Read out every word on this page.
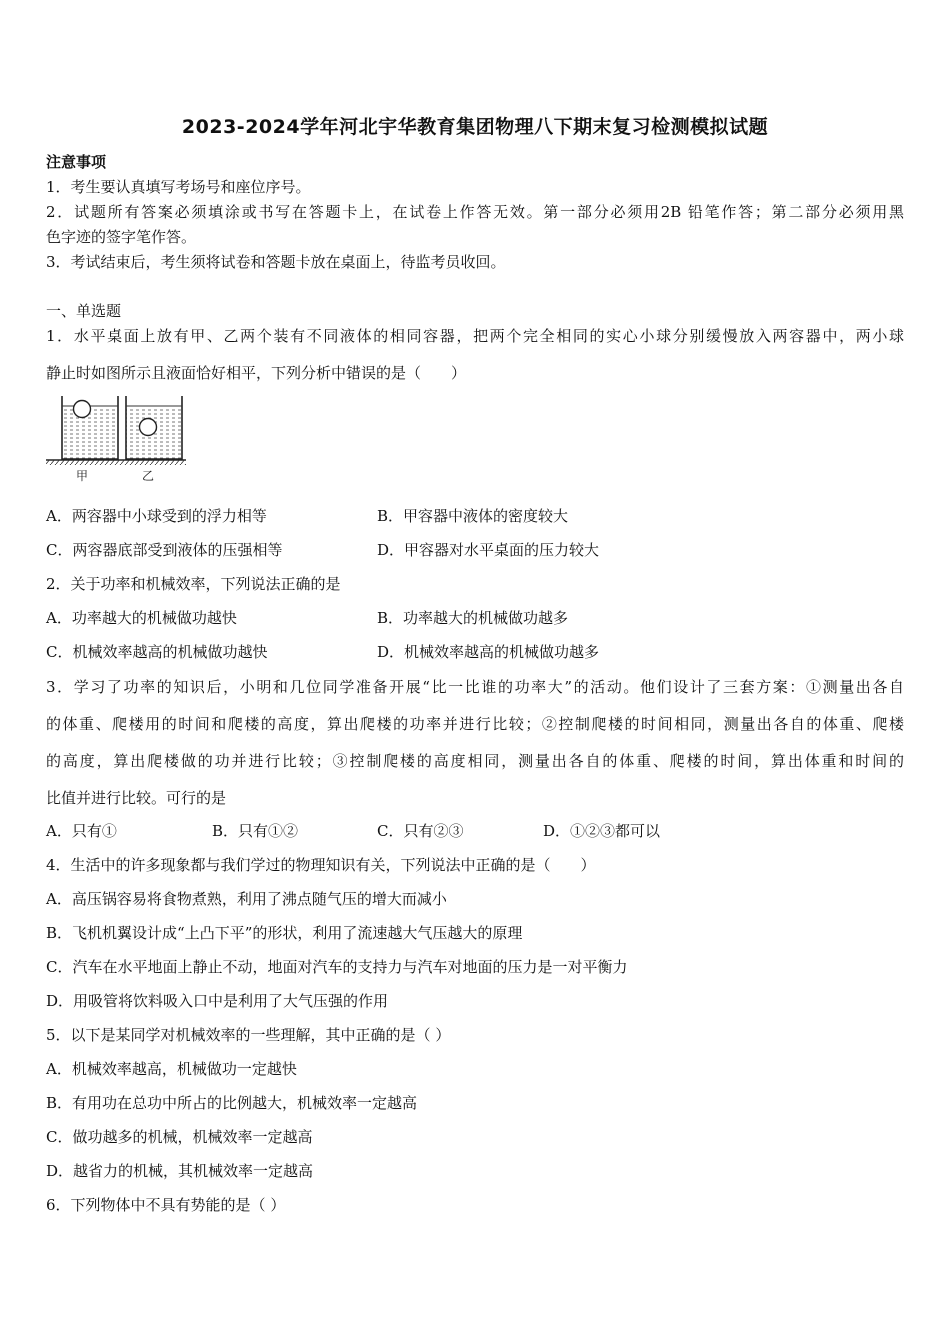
2023-2024学年河北宇华教育集团物理八下期末复习检测模拟试题
注意事项
1．考生要认真填写考场号和座位序号。
2．试题所有答案必须填涂或书写在答题卡上，在试卷上作答无效。第一部分必须用2B 铅笔作答；第二部分必须用黑
色字迹的签字笔作答。
3．考试结束后，考生须将试卷和答题卡放在桌面上，待监考员收回。
一、单选题
1．水平桌面上放有甲、乙两个装有不同液体的相同容器，把两个完全相同的实心小球分别缓慢放入两容器中，两小球
静止时如图所示且液面恰好相平，下列分析中错误的是（　　）
甲	乙
A．两容器中小球受到的浮力相等	B．甲容器中液体的密度较大
C．两容器底部受到液体的压强相等	D．甲容器对水平桌面的压力较大
2．关于功率和机械效率，下列说法正确的是
A．功率越大的机械做功越快	B．功率越大的机械做功越多
C．机械效率越高的机械做功越快	D．机械效率越高的机械做功越多
3．学习了功率的知识后，小明和几位同学准备开展“比一比谁的功率大”的活动。他们设计了三套方案：①测量出各自
的体重、爬楼用的时间和爬楼的高度，算出爬楼的功率并进行比较；②控制爬楼的时间相同，测量出各自的体重、爬楼
的高度，算出爬楼做的功并进行比较；③控制爬楼的高度相同，测量出各自的体重、爬楼的时间，算出体重和时间的
比值并进行比较。可行的是
A．只有①	B．只有①②	C．只有②③	D．①②③都可以
4．生活中的许多现象都与我们学过的物理知识有关，下列说法中正确的是（　　）
A．高压锅容易将食物煮熟，利用了沸点随气压的增大而减小
B．飞机机翼设计成“上凸下平”的形状，利用了流速越大气压越大的原理
C．汽车在水平地面上静止不动，地面对汽车的支持力与汽车对地面的压力是一对平衡力
D．用吸管将饮料吸入口中是利用了大气压强的作用
5．以下是某同学对机械效率的一些理解，其中正确的是（ ）
A．机械效率越高，机械做功一定越快
B．有用功在总功中所占的比例越大，机械效率一定越高
C．做功越多的机械，机械效率一定越高
D．越省力的机械，其机械效率一定越高
6．下列物体中不具有势能的是（ ）
